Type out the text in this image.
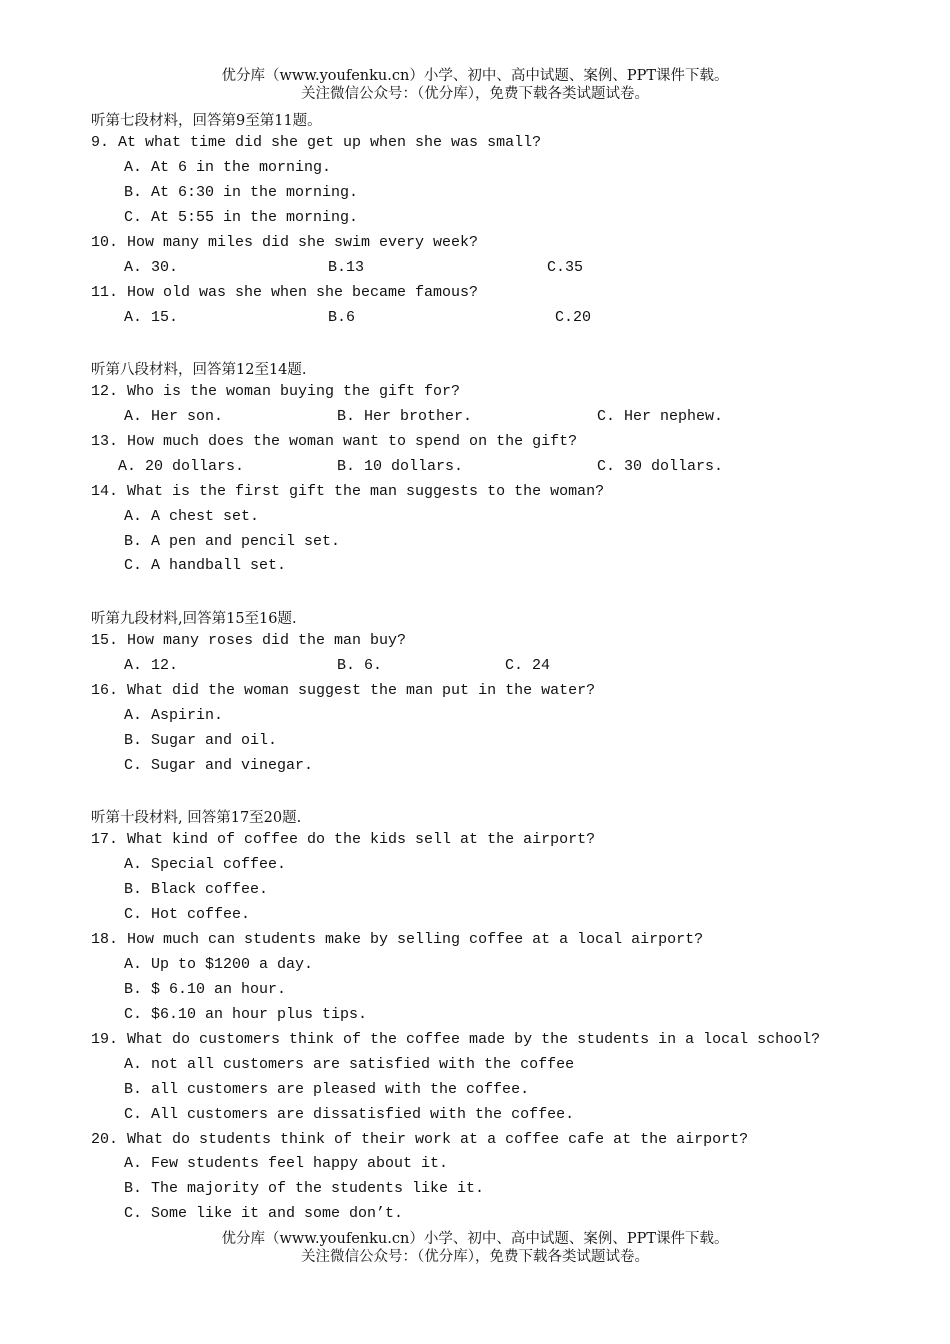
优分库（www.youfenku.cn）小学、初中、高中试题、案例、PPT课件下载。
关注微信公众号：（优分库），免费下载各类试题试卷。
听第七段材料，回答第9至第11题。
9. At what time did she get up when she was small?
A. At 6 in the morning.
B. At 6:30 in the morning.
C. At 5:55 in the morning.
10. How many miles did she swim every week?
A. 30.	B.13	C.35
11. How old was she when she became famous?
A. 15.	B.6	C.20
听第八段材料，回答第12至14题.
12. Who is the woman buying the gift for?
A. Her son.	B. Her brother.	C. Her nephew.
13. How much does the woman want to spend on the gift?
A. 20 dollars.	B. 10 dollars.	C. 30 dollars.
14. What is the first gift the man suggests to the woman?
A. A chest set.
B. A pen and pencil set.
C. A handball set.
听第九段材料,回答第15至16题.
15. How many roses did the man buy?
A. 12.	B. 6.	C. 24
16. What did the woman suggest the man put in the water?
A. Aspirin.
B. Sugar and oil.
C. Sugar and vinegar.
听第十段材料, 回答第17至20题.
17. What kind of coffee do the kids sell at the airport?
A. Special coffee.
B. Black coffee.
C. Hot coffee.
18. How much can students make by selling coffee at a local airport?
A. Up to $1200 a day.
B. $ 6.10 an hour.
C. $6.10 an hour plus tips.
19. What do customers think of the coffee made by the students in a local school?
A. not all customers are satisfied with the coffee
B. all customers are pleased with the coffee.
C. All customers are dissatisfied with the coffee.
20. What do students think of their work at a coffee cafe at the airport?
A. Few students feel happy about it.
B. The majority of the students like it.
C. Some like it and some don’t.
优分库（www.youfenku.cn）小学、初中、高中试题、案例、PPT课件下载。
关注微信公众号：（优分库），免费下载各类试题试卷。
